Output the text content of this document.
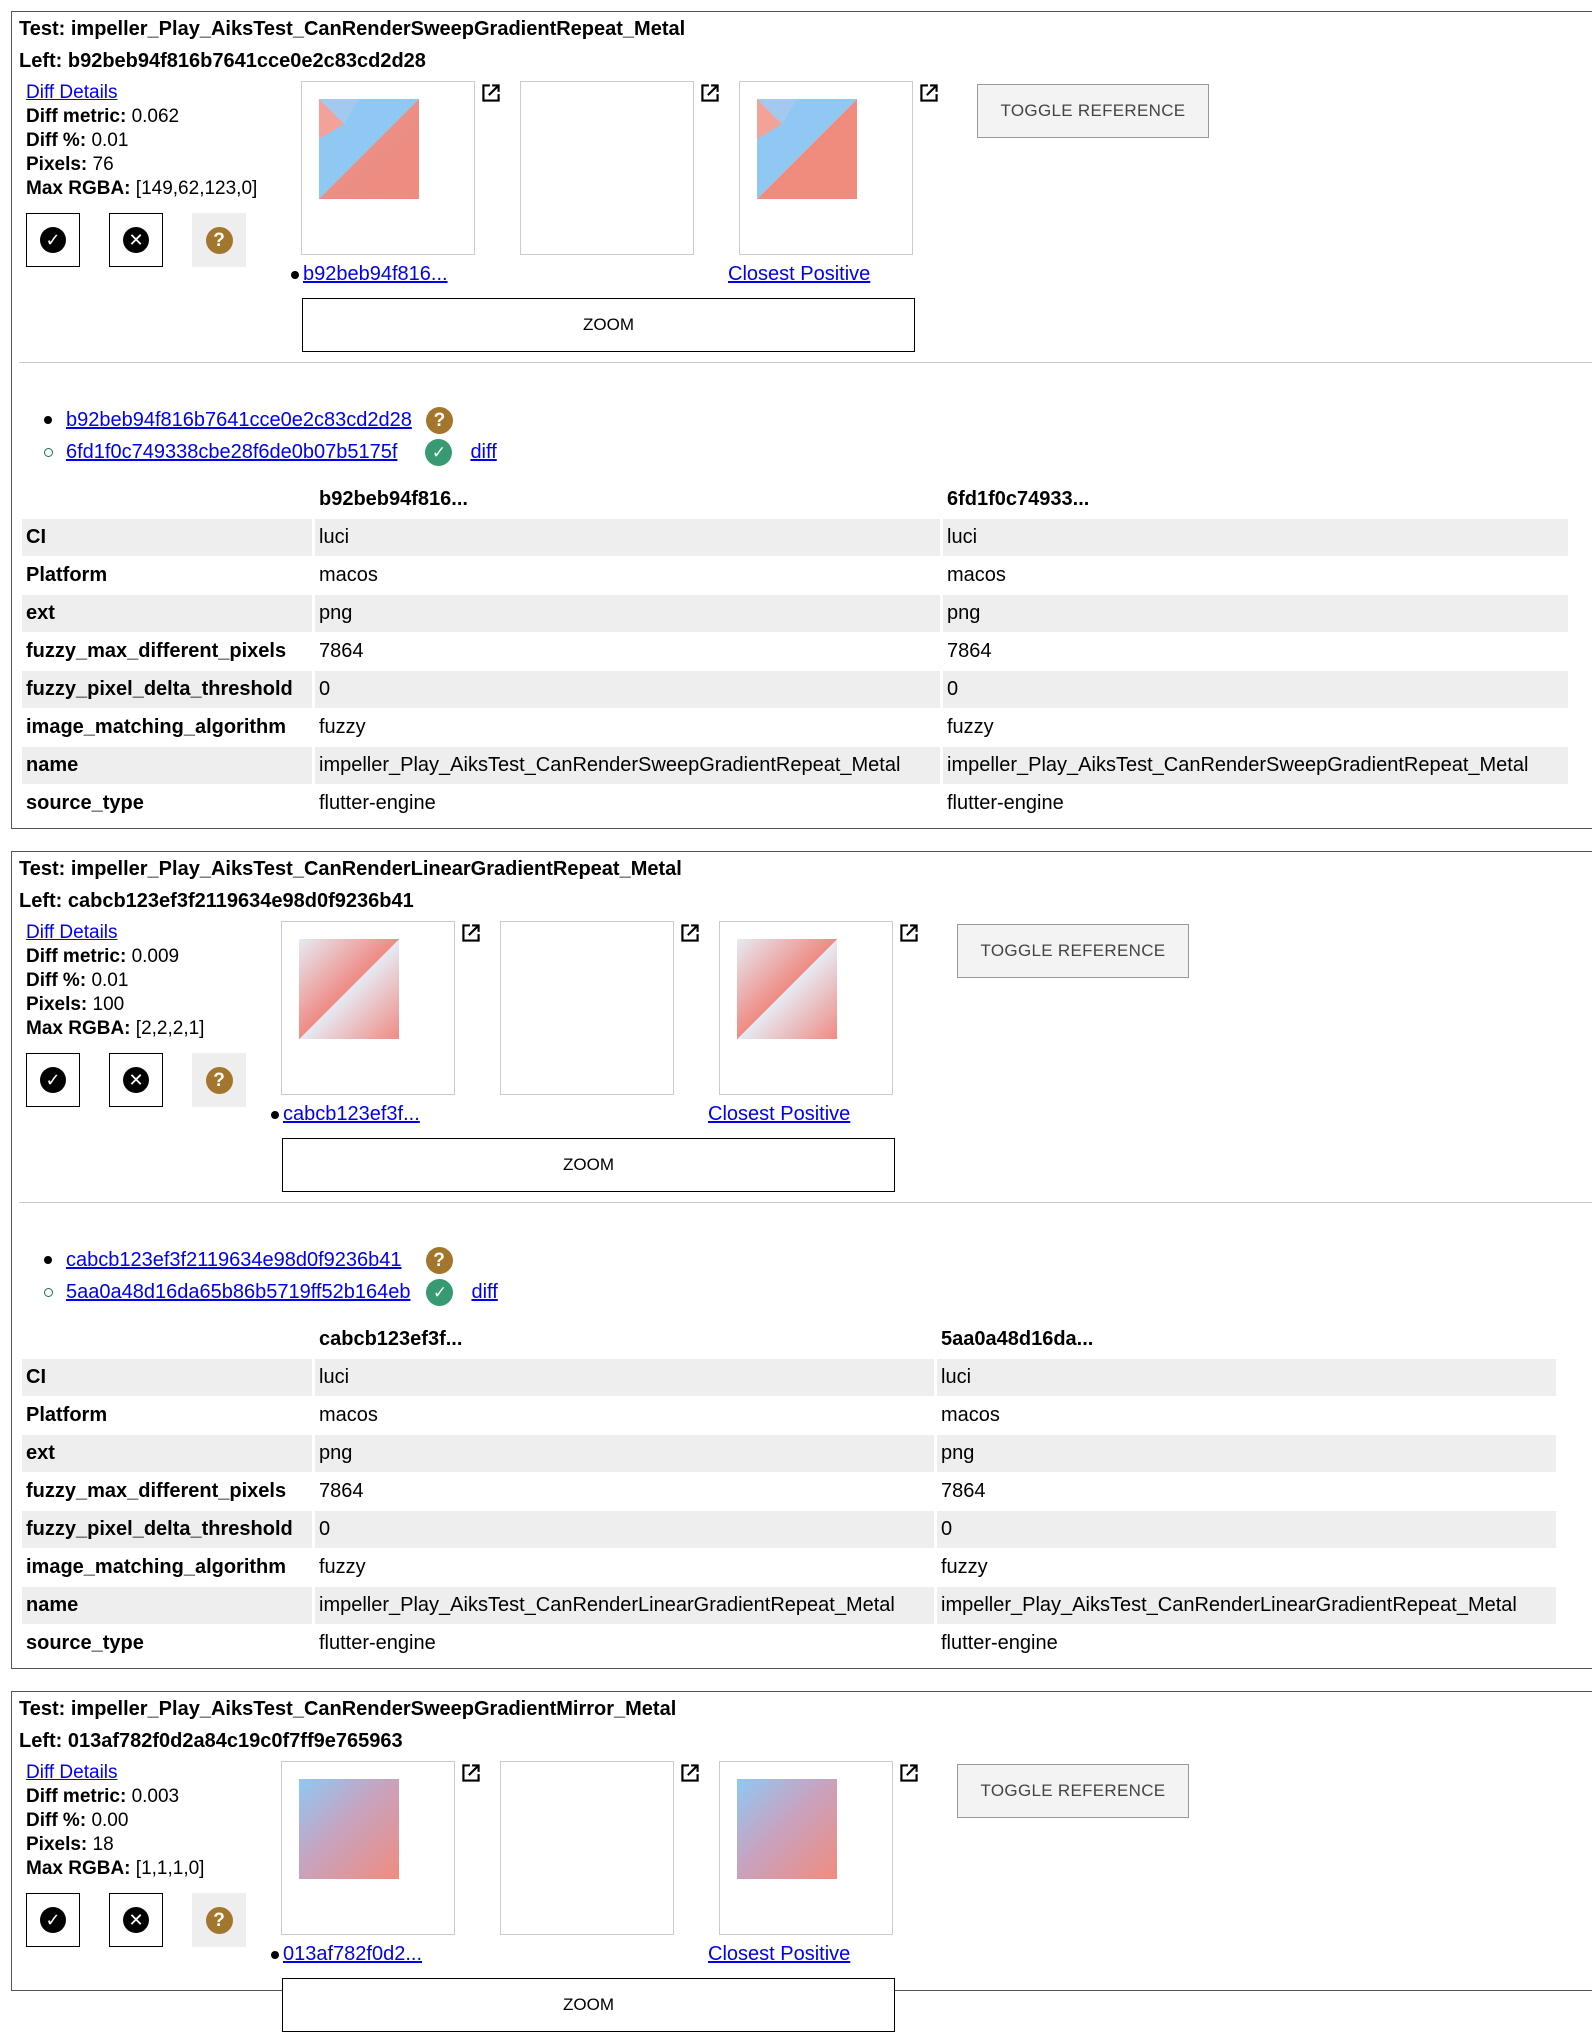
Test: impeller_Play_AiksTest_CanRenderSweepGradientRepeat_Metal
Left: b92beb94f816b7641cce0e2c83cd2d28
Diff Details
Diff metric: 0.062
Diff %: 0.01
Pixels: 76
Max RGBA: [149,62,123,0]
✓	✕	?
TOGGLE REFERENCE
b92beb94f816...	Closest Positive
ZOOM
b92beb94f816b7641cce0e2c83cd2d28	?
6fd1f0c749338cbe28f6de0b07b5175f	✓	diff
	b92beb94f816...	6fd1f0c74933...
CI	luci	luci
Platform	macos	macos
ext	png	png
fuzzy_max_different_pixels	7864	7864
fuzzy_pixel_delta_threshold	0	0
image_matching_algorithm	fuzzy	fuzzy
name	impeller_Play_AiksTest_CanRenderSweepGradientRepeat_Metal	impeller_Play_AiksTest_CanRenderSweepGradientRepeat_Metal
source_type	flutter-engine	flutter-engine
Test: impeller_Play_AiksTest_CanRenderLinearGradientRepeat_Metal
Left: cabcb123ef3f2119634e98d0f9236b41
Diff Details
Diff metric: 0.009
Diff %: 0.01
Pixels: 100
Max RGBA: [2,2,2,1]
✓	✕	?
TOGGLE REFERENCE
cabcb123ef3f...	Closest Positive
ZOOM
cabcb123ef3f2119634e98d0f9236b41	?
5aa0a48d16da65b86b5719ff52b164eb	✓	diff
	cabcb123ef3f...	5aa0a48d16da...
CI	luci	luci
Platform	macos	macos
ext	png	png
fuzzy_max_different_pixels	7864	7864
fuzzy_pixel_delta_threshold	0	0
image_matching_algorithm	fuzzy	fuzzy
name	impeller_Play_AiksTest_CanRenderLinearGradientRepeat_Metal	impeller_Play_AiksTest_CanRenderLinearGradientRepeat_Metal
source_type	flutter-engine	flutter-engine
Test: impeller_Play_AiksTest_CanRenderSweepGradientMirror_Metal
Left: 013af782f0d2a84c19c0f7ff9e765963
Diff Details
Diff metric: 0.003
Diff %: 0.00
Pixels: 18
Max RGBA: [1,1,1,0]
✓	✕	?
TOGGLE REFERENCE
013af782f0d2...	Closest Positive
ZOOM
